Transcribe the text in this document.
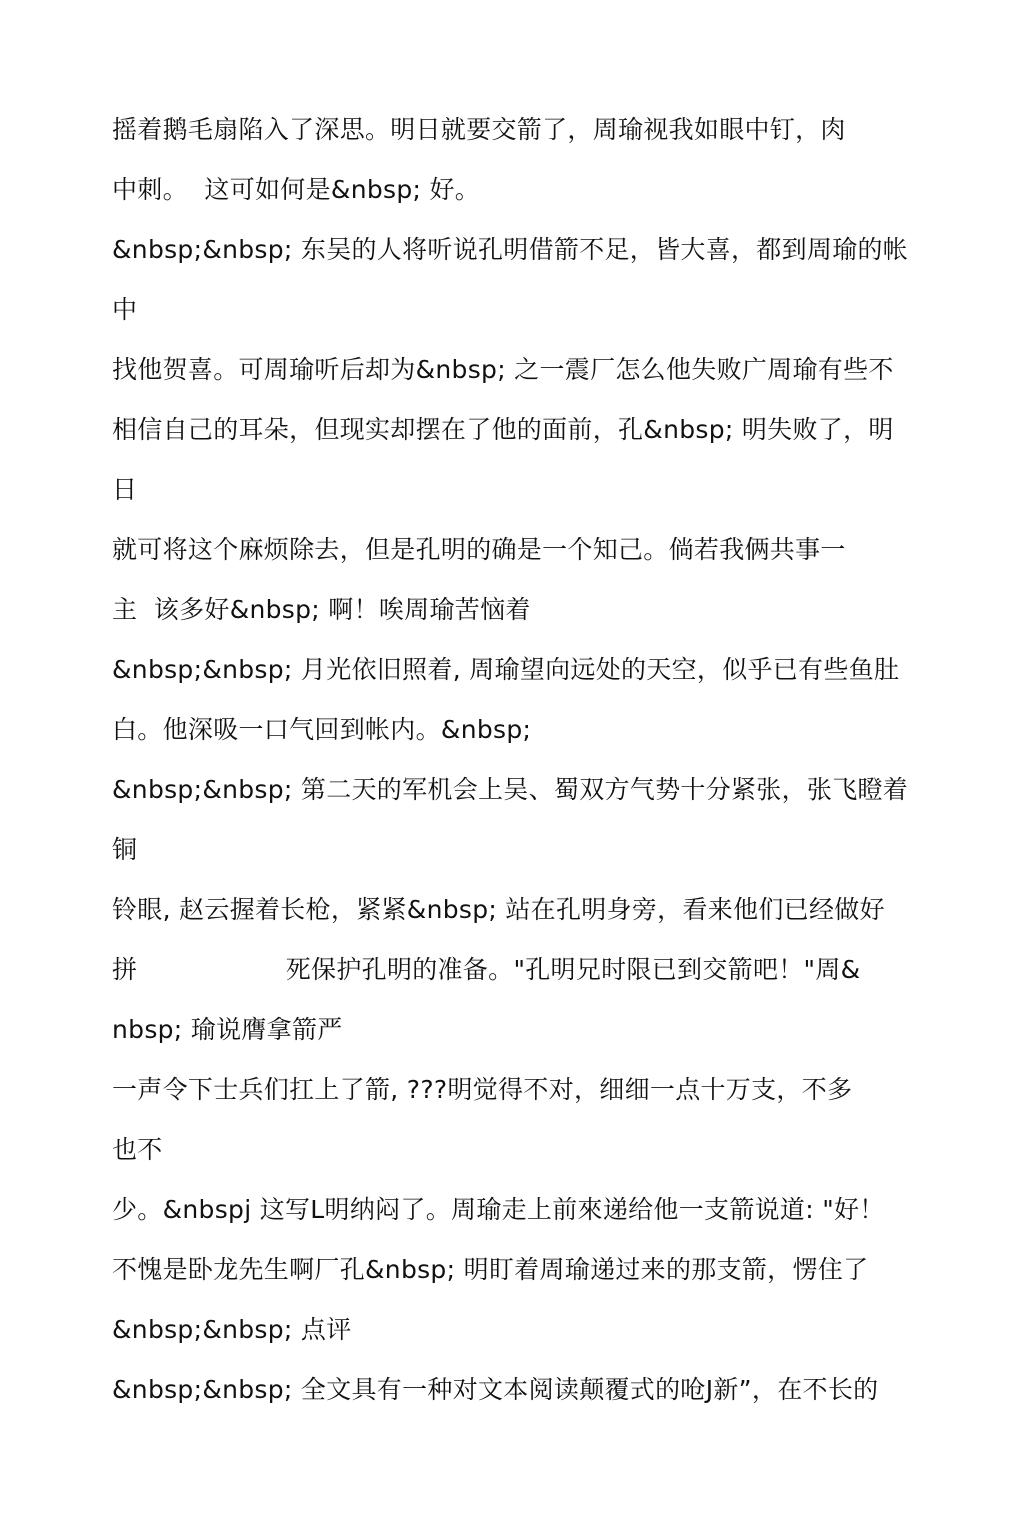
摇着鹅毛扇陷入了深思。明日就要交箭了，周瑜视我如眼中钉，肉
中刺。  这可如何是&nbsp; 好。
&nbsp;&nbsp; 东吴的人将听说孔明借箭不足，皆大喜，都到周瑜的帐
中
找他贺喜。可周瑜听后却为&nbsp; 之一震厂怎么他失败广周瑜有些不
相信自己的耳朵，但现实却摆在了他的面前，孔&nbsp; 明失败了，明
日
就可将这个麻烦除去，但是孔明的确是一个知己。倘若我俩共事一
主  该多好&nbsp; 啊！唉周瑜苦恼着
&nbsp;&nbsp; 月光依旧照着, 周瑜望向远处的天空，似乎已有些鱼肚
白。他深吸一口气回到帐内。&nbsp;
&nbsp;&nbsp; 第二天的军机会上吴、蜀双方气势十分紧张，张飞瞪着
铜
铃眼, 赵云握着长枪，紧紧&nbsp; 站在孔明身旁，看来他们已经做好
拼                  死保护孔明的准备。"孔明兄时限已到交箭吧！"周&
nbsp; 瑜说膺拿箭严
一声令下士兵们扛上了箭, ???明觉得不对，细细一点十万支，不多
也不
少。&nbspj 这写L明纳闷了。周瑜走上前來递给他一支箭说道: "好！
不愧是卧龙先生啊厂孔&nbsp; 明盯着周瑜递过来的那支箭，愣住了
&nbsp;&nbsp; 点评
&nbsp;&nbsp; 全文具有一种对文本阅读颠覆式的呛J新”，在不长的
